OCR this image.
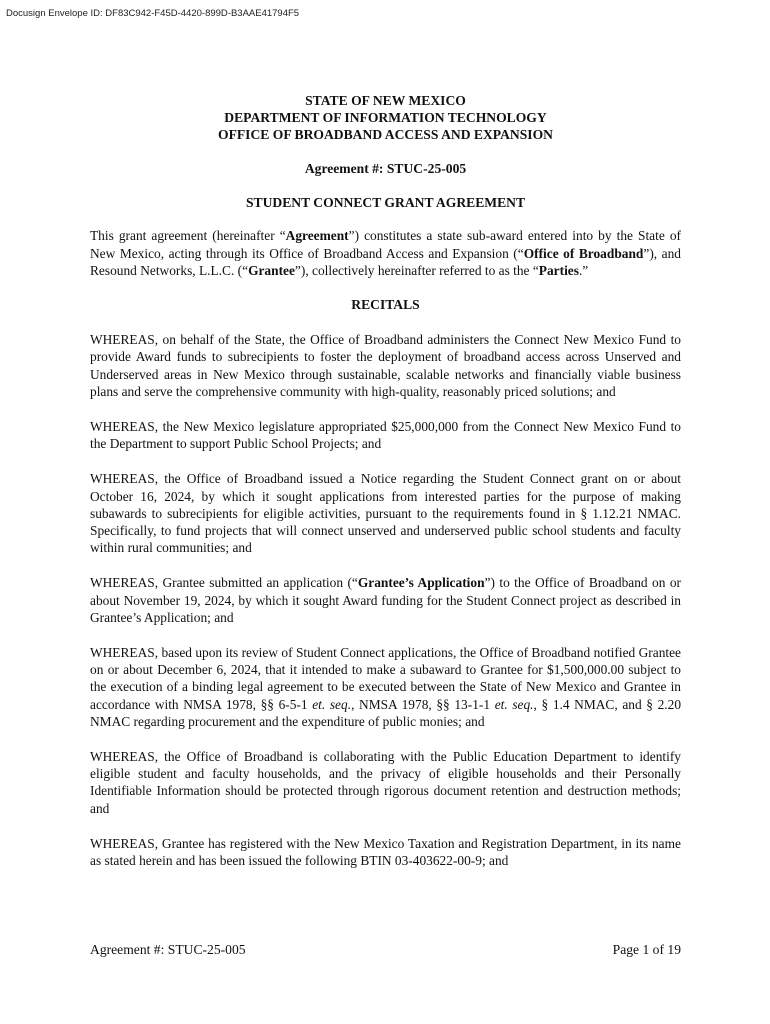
Docusign Envelope ID: DF83C942-F45D-4420-899D-B3AAE41794F5

STATE OF NEW MEXICO

DEPARTMENT OF INFORMATION TECHNOLOGY

OFFICE OF BROADBAND ACCESS AND EXPANSION

Agreement #: STUC-25-005

STUDENT CONNECT GRANT AGREEMENT

This grant agreement (hereinafter “Agreement”) constitutes a state sub-award entered into by the State of New Mexico, acting through its Office of Broadband Access and Expansion (“Office of Broadband”), and Resound Networks, L.L.C. (“Grantee”), collectively hereinafter referred to as the “Parties.”

RECITALS

WHEREAS, on behalf of the State, the Office of Broadband administers the Connect New Mexico Fund to provide Award funds to subrecipients to foster the deployment of broadband access across Unserved and Underserved areas in New Mexico through sustainable, scalable networks and financially viable business plans and serve the comprehensive community with high-quality, reasonably priced solutions; and

WHEREAS, the New Mexico legislature appropriated $25,000,000 from the Connect New Mexico Fund to the Department to support Public School Projects; and

WHEREAS, the Office of Broadband issued a Notice regarding the Student Connect grant on or about October 16, 2024, by which it sought applications from interested parties for the purpose of making subawards to subrecipients for eligible activities, pursuant to the requirements found in § 1.12.21 NMAC. Specifically, to fund projects that will connect unserved and underserved public school students and faculty within rural communities; and

WHEREAS, Grantee submitted an application (“Grantee’s Application”) to the Office of Broadband on or about November 19, 2024, by which it sought Award funding for the Student Connect project as described in Grantee’s Application; and

WHEREAS, based upon its review of Student Connect applications, the Office of Broadband notified Grantee on or about December 6, 2024, that it intended to make a subaward to Grantee for $1,500,000.00 subject to the execution of a binding legal agreement to be executed between the State of New Mexico and Grantee in accordance with NMSA 1978, §§ 6-5-1 et. seq., NMSA 1978, §§ 13-1-1 et. seq., § 1.4 NMAC, and § 2.20 NMAC regarding procurement and the expenditure of public monies; and

WHEREAS, the Office of Broadband is collaborating with the Public Education Department to identify eligible student and faculty households, and the privacy of eligible households and their Personally Identifiable Information should be protected through rigorous document retention and destruction methods; and

WHEREAS, Grantee has registered with the New Mexico Taxation and Registration Department, in its name as stated herein and has been issued the following BTIN 03-403622-00-9; and

Agreement #: STUC-25-005	Page 1 of 19
